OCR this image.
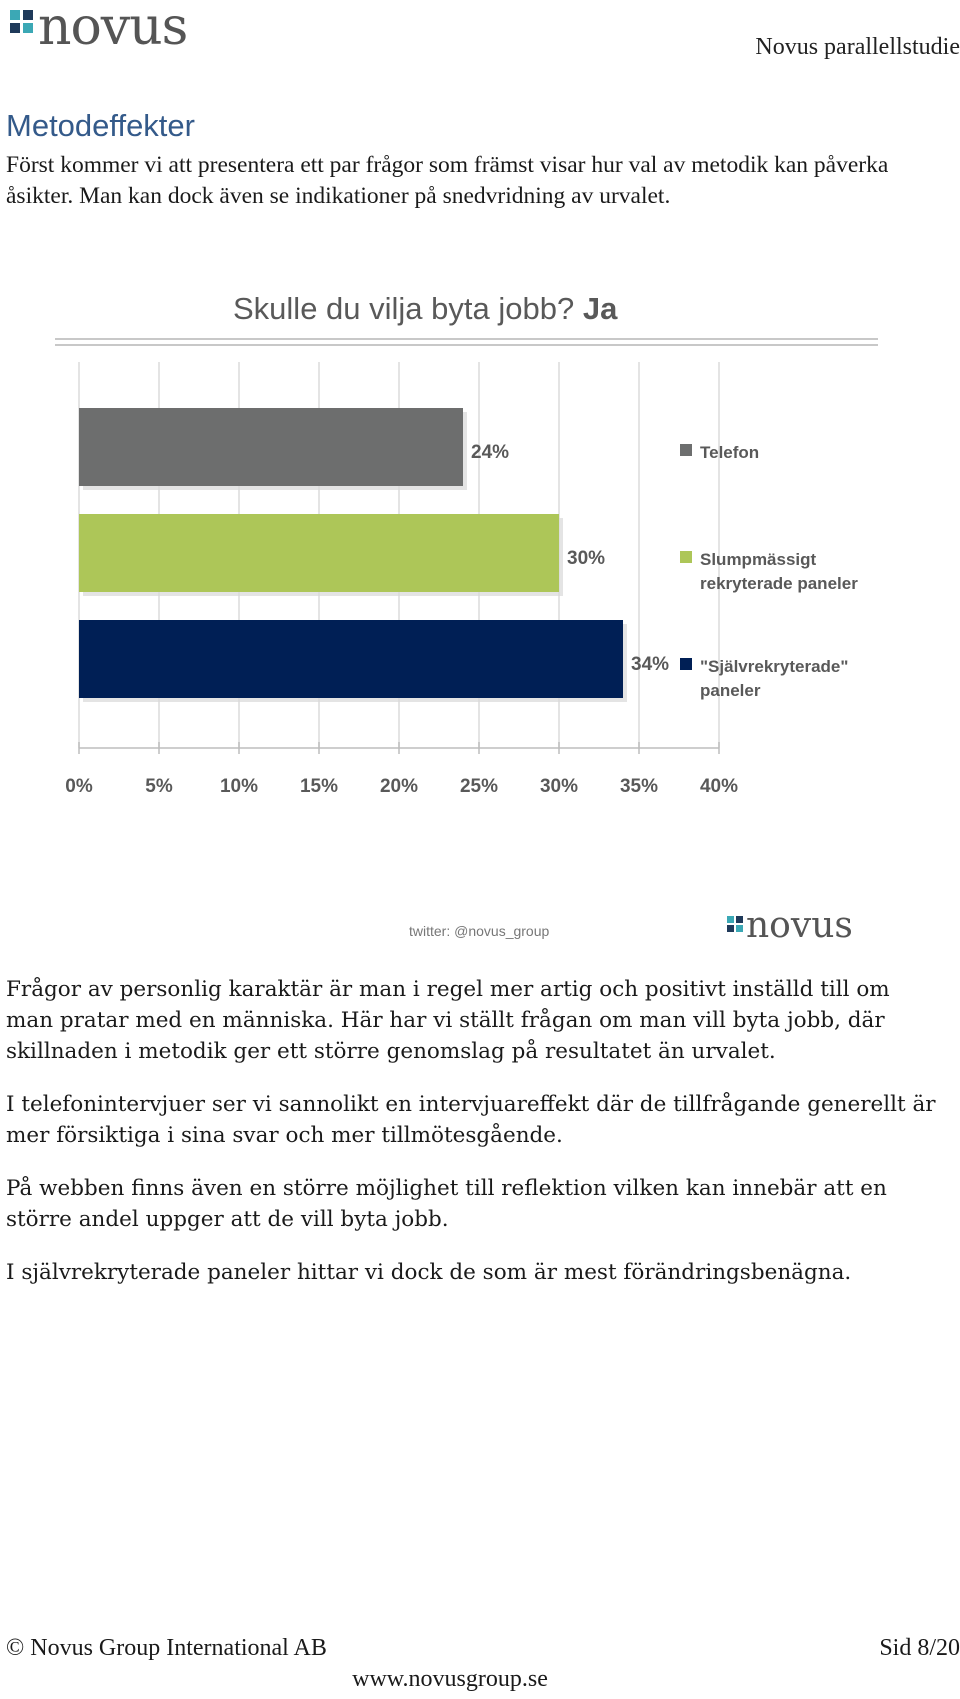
novus	Novus parallellstudie
Metodeffekter

Först kommer vi att presentera ett par frågor som främst visar hur val av metodik kan påverka åsikter. Man kan dock även se indikationer på snedvridning av urvalet.

Skulle du vilja byta jobb? Ja
0%	5% 10% 15% 20% 25% 30% 35% 40%
24%
30%
34%
Telefon
Slumpmässigt
rekryterade paneler
"Självrekryterade"
paneler
twitter: @novus_group	novus

Frågor av personlig karaktär är man i regel mer artig och positivt inställd till om man pratar med en människa. Här har vi ställt frågan om man vill byta jobb, där skillnaden i metodik ger ett större genomslag på resultatet än urvalet.

I telefonintervjuer ser vi sannolikt en intervjuareffekt där de tillfrågande generellt är mer försiktiga i sina svar och mer tillmötesgående.

På webben finns även en större möjlighet till reflektion vilken kan innebär att en större andel uppger att de vill byta jobb.

I självrekryterade paneler hittar vi dock de som är mest förändringsbenägna.

© Novus Group International AB	Sid 8/20
www.novusgroup.se
